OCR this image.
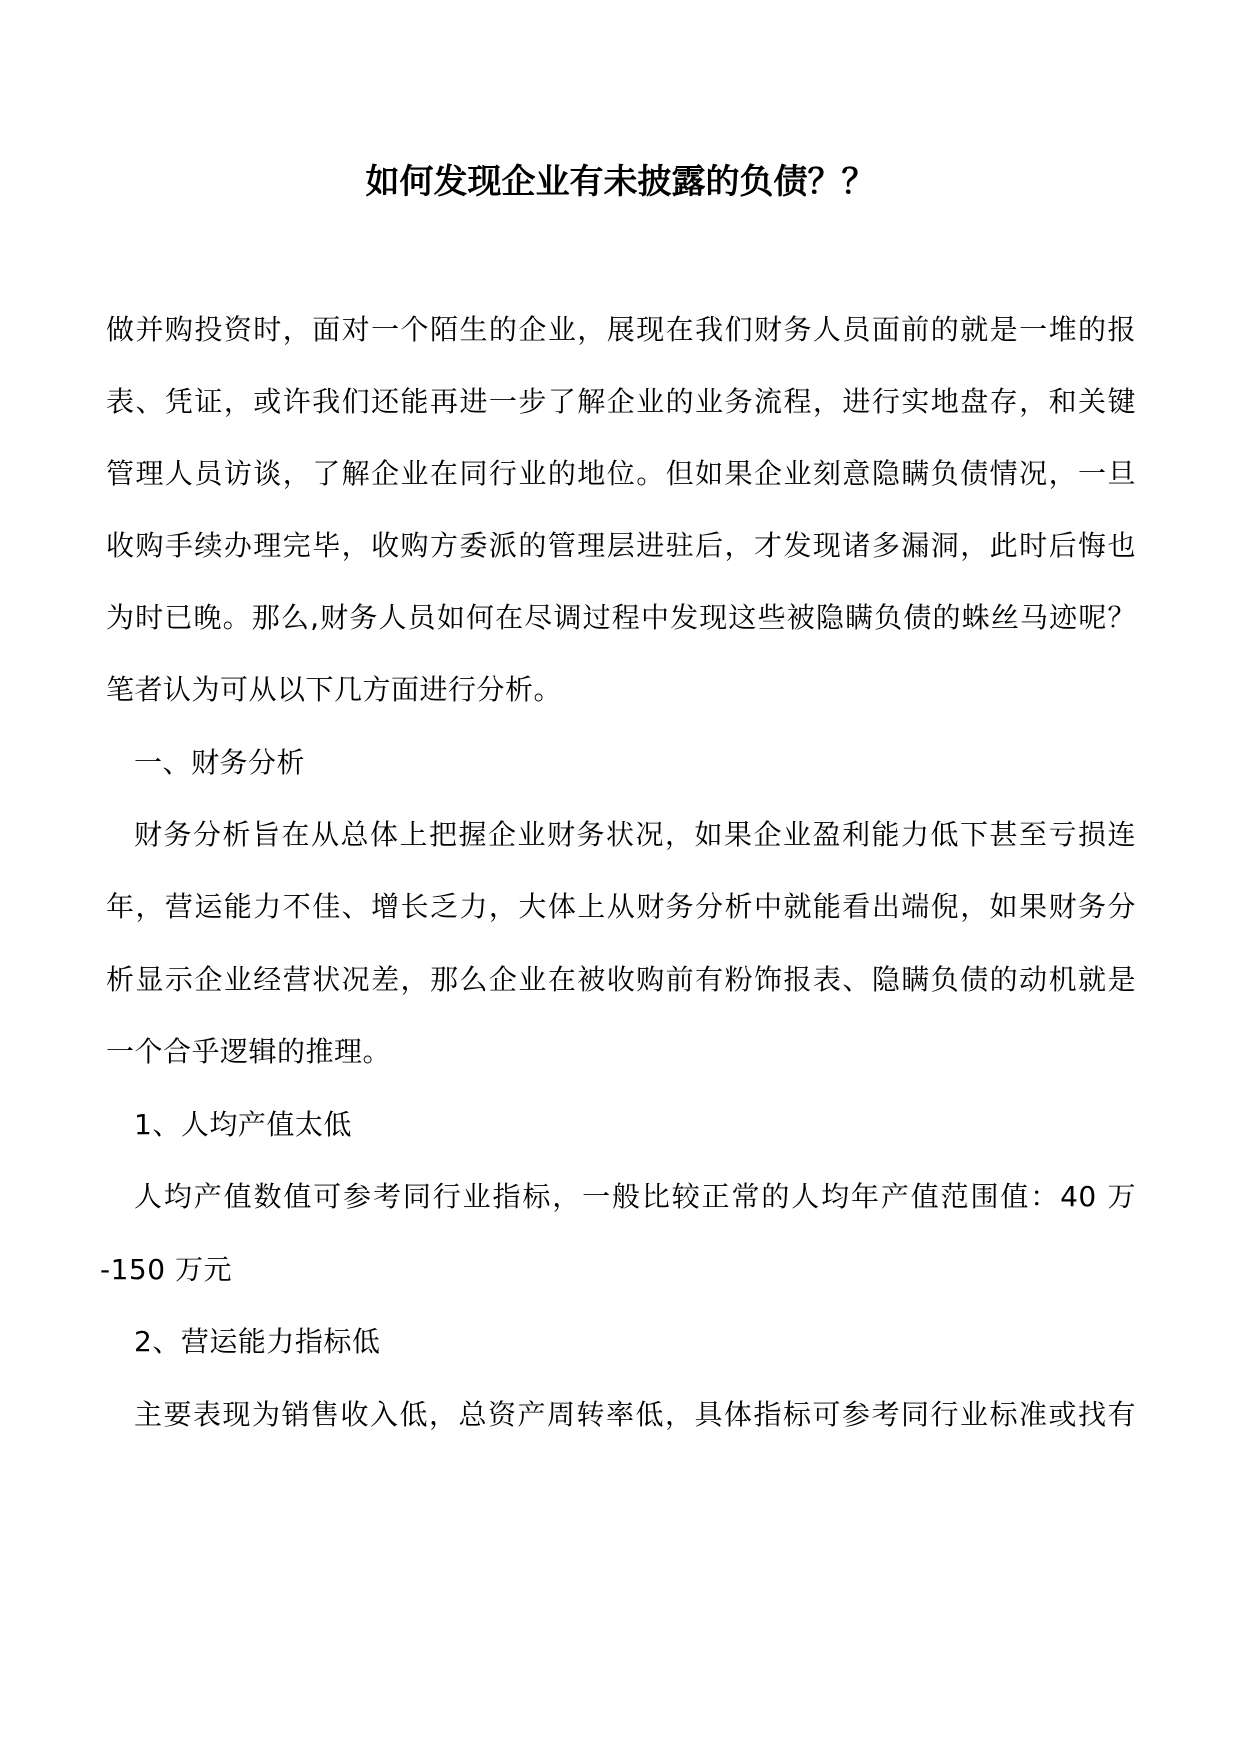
如何发现企业有未披露的负债？？
做并购投资时，面对一个陌生的企业，展现在我们财务人员面前的就是一堆的报
表、凭证，或许我们还能再进一步了解企业的业务流程，进行实地盘存，和关键
管理人员访谈，了解企业在同行业的地位。但如果企业刻意隐瞒负债情况，一旦
收购手续办理完毕，收购方委派的管理层进驻后，才发现诸多漏洞，此时后悔也
为时已晚。那么,财务人员如何在尽调过程中发现这些被隐瞒负债的蛛丝马迹呢？
笔者认为可从以下几方面进行分析。
一、财务分析
财务分析旨在从总体上把握企业财务状况，如果企业盈利能力低下甚至亏损连
年，营运能力不佳、增长乏力，大体上从财务分析中就能看出端倪，如果财务分
析显示企业经营状况差，那么企业在被收购前有粉饰报表、隐瞒负债的动机就是
一个合乎逻辑的推理。
1、人均产值太低
人均产值数值可参考同行业指标，一般比较正常的人均年产值范围值：40 万
-150 万元
2、营运能力指标低
主要表现为销售收入低，总资产周转率低，具体指标可参考同行业标准或找有
